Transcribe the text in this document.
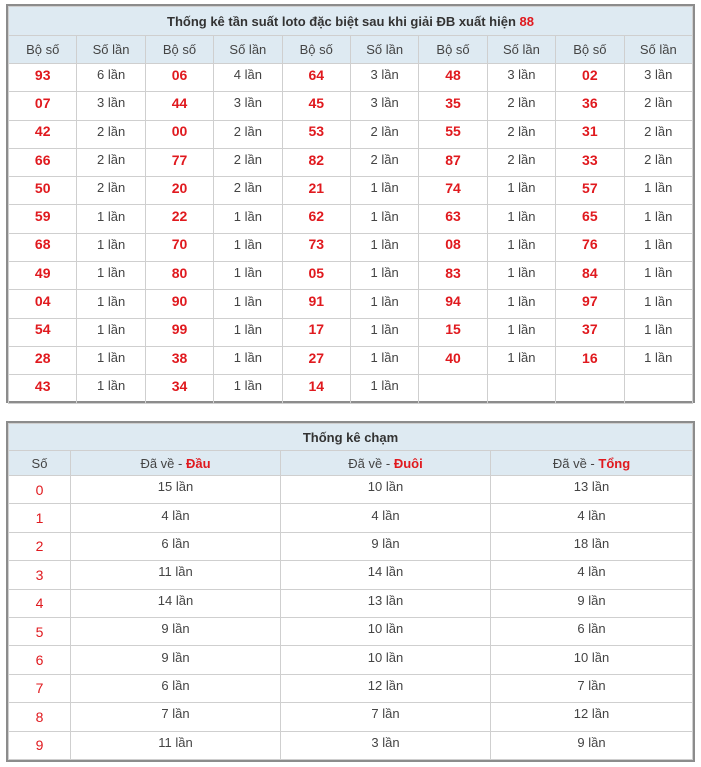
Thống kê tần suất loto đặc biệt sau khi giải ĐB xuất hiện 88									
Bộ số	Số lần	Bộ số	Số lần	Bộ số	Số lần	Bộ số	Số lần	Bộ số	Số lần
93	6 lần	06	4 lần	64	3 lần	48	3 lần	02	3 lần
07	3 lần	44	3 lần	45	3 lần	35	2 lần	36	2 lần
42	2 lần	00	2 lần	53	2 lần	55	2 lần	31	2 lần
66	2 lần	77	2 lần	82	2 lần	87	2 lần	33	2 lần
50	2 lần	20	2 lần	21	1 lần	74	1 lần	57	1 lần
59	1 lần	22	1 lần	62	1 lần	63	1 lần	65	1 lần
68	1 lần	70	1 lần	73	1 lần	08	1 lần	76	1 lần
49	1 lần	80	1 lần	05	1 lần	83	1 lần	84	1 lần
04	1 lần	90	1 lần	91	1 lần	94	1 lần	97	1 lần
54	1 lần	99	1 lần	17	1 lần	15	1 lần	37	1 lần
28	1 lần	38	1 lần	27	1 lần	40	1 lần	16	1 lần
43	1 lần	34	1 lần	14	1 lần				
Thống kê chạm			
Số	Đã về - Đầu	Đã về - Đuôi	Đã về - Tổng
0	15 lần	10 lần	13 lần
1	4 lần	4 lần	4 lần
2	6 lần	9 lần	18 lần
3	11 lần	14 lần	4 lần
4	14 lần	13 lần	9 lần
5	9 lần	10 lần	6 lần
6	9 lần	10 lần	10 lần
7	6 lần	12 lần	7 lần
8	7 lần	7 lần	12 lần
9	11 lần	3 lần	9 lần
